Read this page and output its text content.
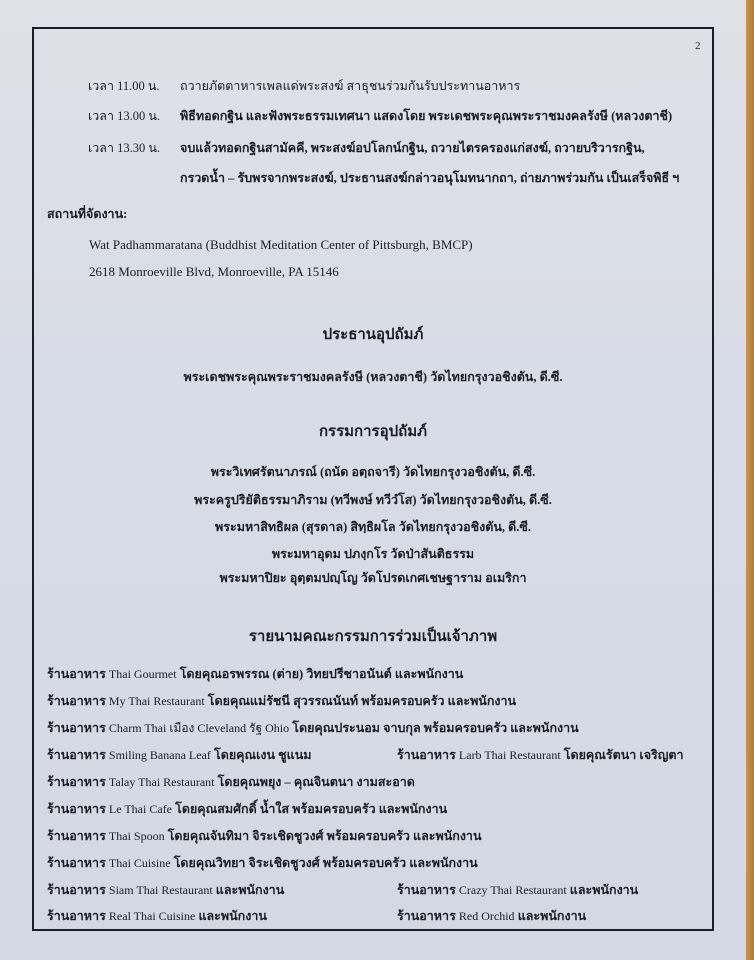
2
เวลา 11.00 น. ถวายภัตตาหารเพลแด่พระสงฆ์ สาธุชนร่วมกันรับประทานอาหาร
เวลา 13.00 น. พิธีทอดกฐิน และฟังพระธรรมเทศนา แสดงโดย พระเดชพระคุณพระราชมงคลรังษี (หลวงตาชี)
เวลา 13.30 น. จบแล้วทอดกฐินสามัคคี, พระสงฆ์อปโลกน์กฐิน, ถวายไตรครองแก่สงฆ์, ถวายบริวารกฐิน,
กรวดน้ำ – รับพรจากพระสงฆ์, ประธานสงฆ์กล่าวอนุโมทนากถา, ถ่ายภาพร่วมกัน เป็นเสร็จพิธี ฯ
สถานที่จัดงาน:
Wat Padhammaratana (Buddhist Meditation Center of Pittsburgh, BMCP)
2618 Monroeville Blvd, Monroeville, PA 15146
ประธานอุปถัมภ์
พระเดชพระคุณพระราชมงคลรังษี (หลวงตาชี) วัดไทยกรุงวอชิงตัน, ดี.ซี.
กรรมการอุปถัมภ์
พระวิเทศรัตนาภรณ์ (ถนัด อตฺถจารี) วัดไทยกรุงวอชิงตัน, ดี.ซี.
พระครูปริยัติธรรมาภิราม (ทวีพงษ์ ทวีวํโส) วัดไทยกรุงวอชิงตัน, ดี.ซี.
พระมหาสิทธิผล (สุรดาล) สิทฺธิผโล วัดไทยกรุงวอชิงตัน, ดี.ซี.
พระมหาอุดม ปภงฺกโร วัดป่าสันติธรรม
พระมหาปิยะ อุตฺตมปญฺโญ วัดโปรดเกศเชษฐาราม อเมริกา
รายนามคณะกรรมการร่วมเป็นเจ้าภาพ
ร้านอาหาร Thai Gourmet โดยคุณอรพรรณ (ต่าย) วิทยปรีชาอนันต์ และพนักงาน
ร้านอาหาร My Thai Restaurant โดยคุณแม่รัชนี สุวรรณนันท์ พร้อมครอบครัว และพนักงาน
ร้านอาหาร Charm Thai เมือง Cleveland รัฐ Ohio โดยคุณประนอม จาบกุล พร้อมครอบครัว และพนักงาน
ร้านอาหาร Smiling Banana Leaf โดยคุณเงน ชูแนม	ร้านอาหาร Larb Thai Restaurant โดยคุณรัตนา เจริญตา
ร้านอาหาร Talay Thai Restaurant โดยคุณพยุง – คุณจินตนา งามสะอาด
ร้านอาหาร Le Thai Cafe โดยคุณสมศักดิ์ น้ำใส พร้อมครอบครัว และพนักงาน
ร้านอาหาร Thai Spoon โดยคุณจันทิมา จิระเชิดชูวงศ์ พร้อมครอบครัว และพนักงาน
ร้านอาหาร Thai Cuisine โดยคุณวิทยา จิระเชิดชูวงศ์ พร้อมครอบครัว และพนักงาน
ร้านอาหาร Siam Thai Restaurant และพนักงาน	ร้านอาหาร Crazy Thai Restaurant และพนักงาน
ร้านอาหาร Real Thai Cuisine และพนักงาน	ร้านอาหาร Red Orchid และพนักงาน
